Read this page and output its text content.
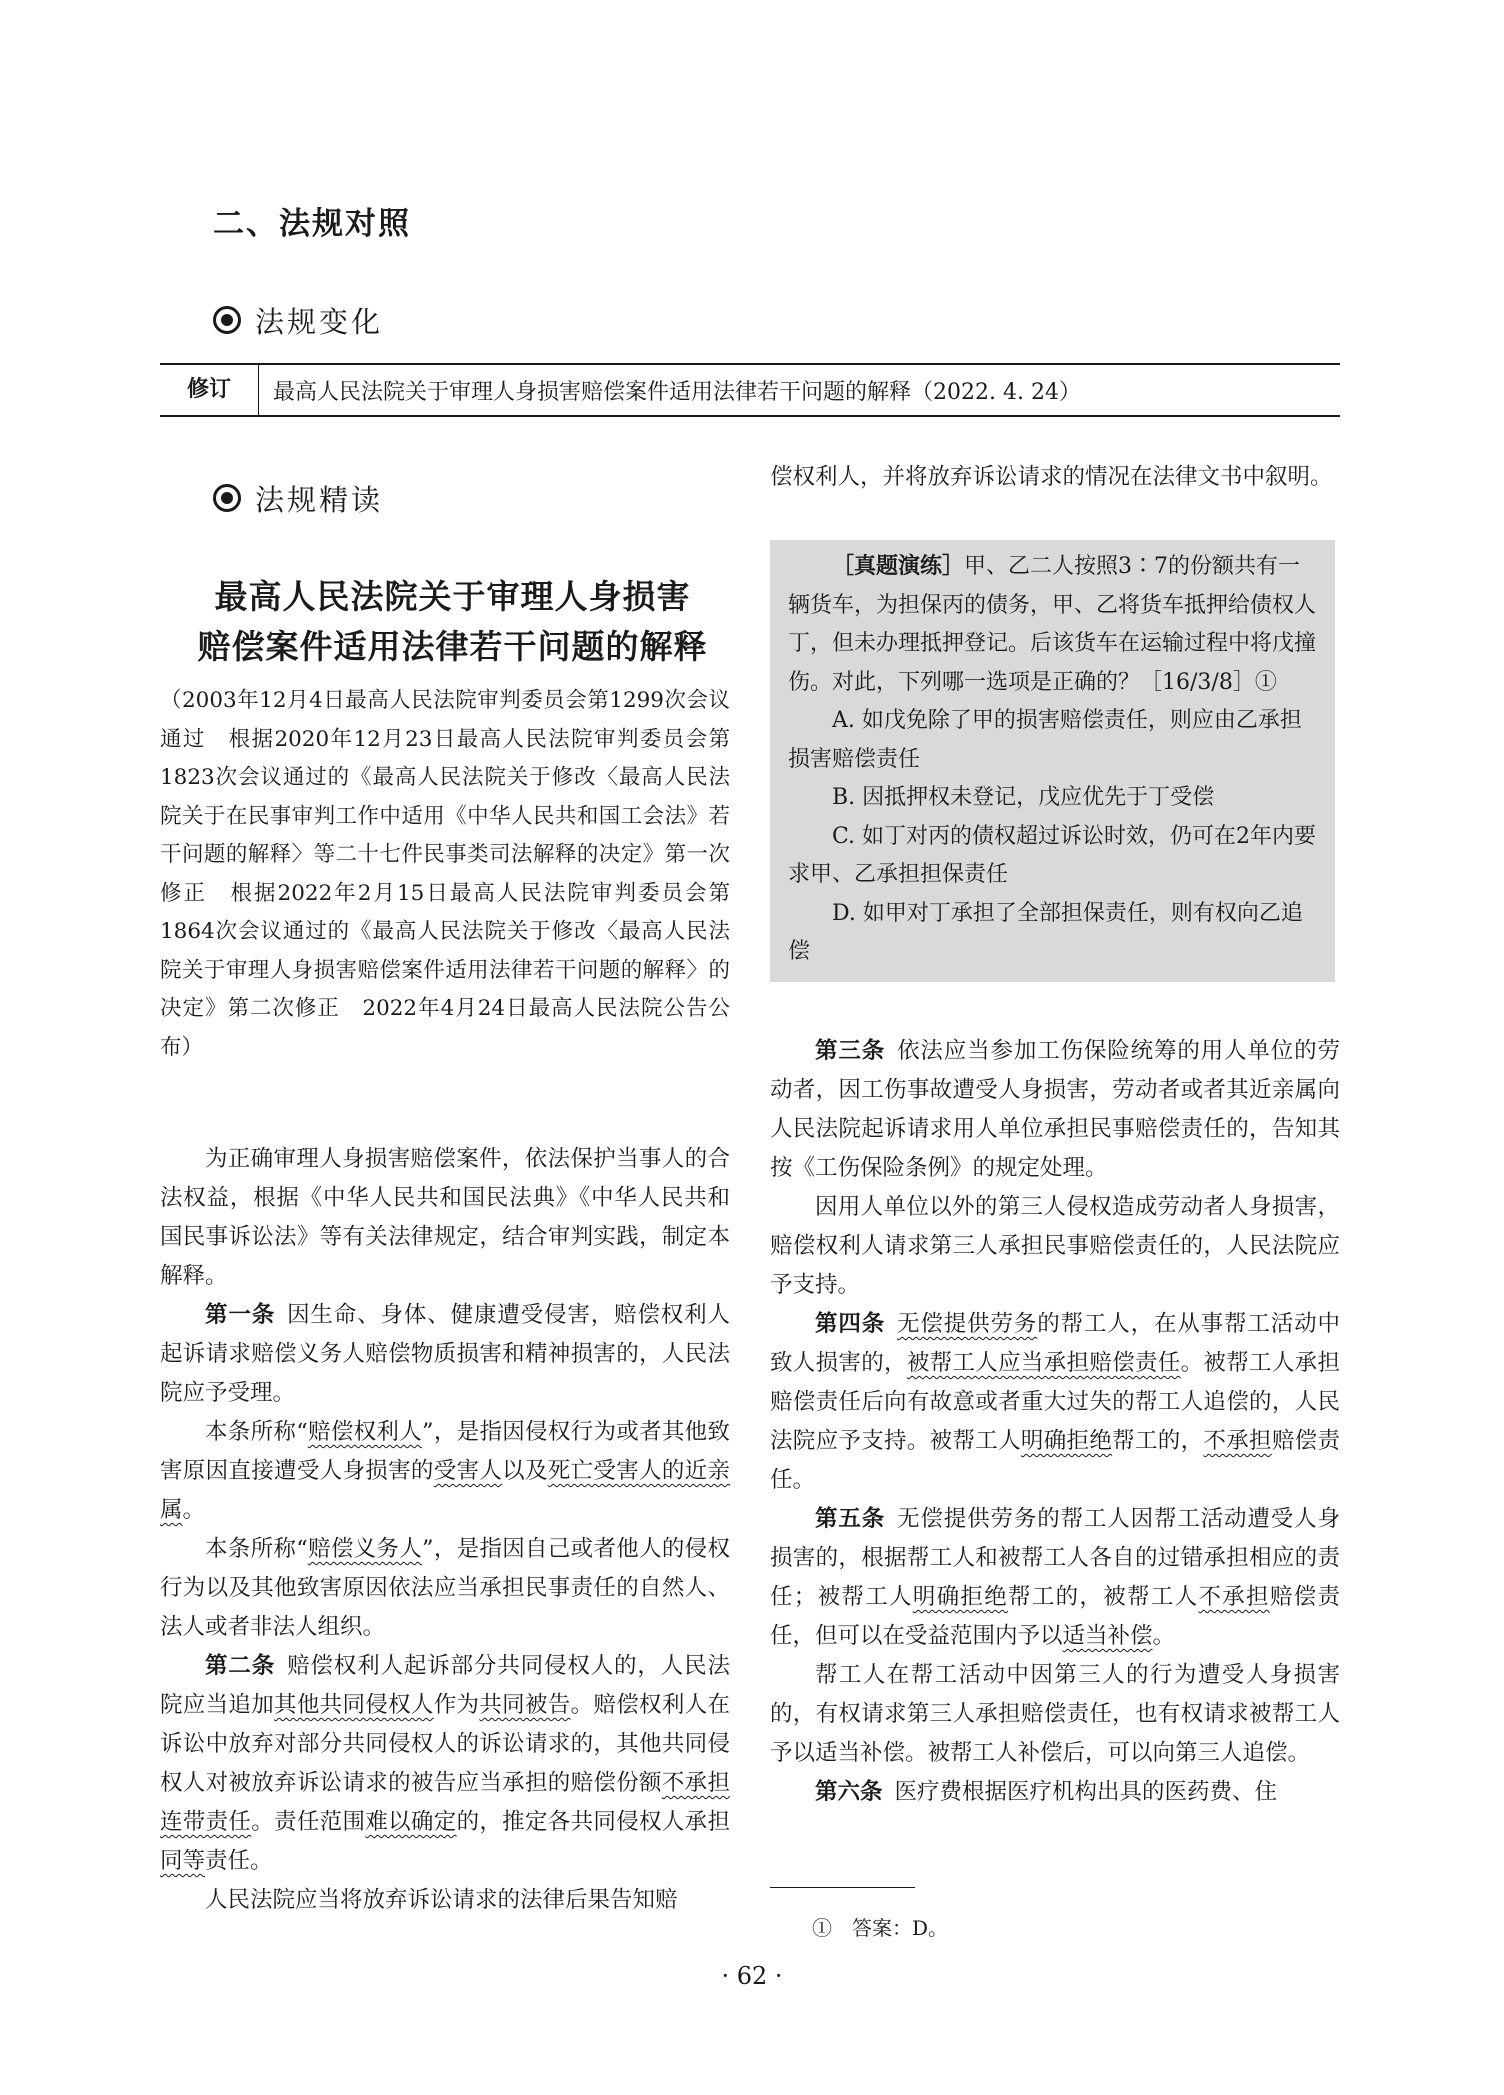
二、法规对照
法规变化
修订	最高人民法院关于审理人身损害赔偿案件适用法律若干问题的解释（2022. 4. 24）
法规精读
最高人民法院关于审理人身损害
赔偿案件适用法律若干问题的解释
（2003年12月4日最高人民法院审判委员会第1299次会议通过　根据2020年12月23日最高人民法院审判委员会第1823次会议通过的《最高人民法院关于修改〈最高人民法院关于在民事审判工作中适用《中华人民共和国工会法》若干问题的解释〉等二十七件民事类司法解释的决定》第一次修正　根据2022年2月15日最高人民法院审判委员会第1864次会议通过的《最高人民法院关于修改〈最高人民法院关于审理人身损害赔偿案件适用法律若干问题的解释〉的决定》第二次修正　2022年4月24日最高人民法院公告公布）

为正确审理人身损害赔偿案件，依法保护当事人的合法权益，根据《中华人民共和国民法典》《中华人民共和国民事诉讼法》等有关法律规定，结合审判实践，制定本解释。

第一条 因生命、身体、健康遭受侵害，赔偿权利人起诉请求赔偿义务人赔偿物质损害和精神损害的，人民法院应予受理。

本条所称“赔偿权利人”，是指因侵权行为或者其他致害原因直接遭受人身损害的受害人以及死亡受害人的近亲属。

本条所称“赔偿义务人”，是指因自己或者他人的侵权行为以及其他致害原因依法应当承担民事责任的自然人、法人或者非法人组织。

第二条 赔偿权利人起诉部分共同侵权人的，人民法院应当追加其他共同侵权人作为共同被告。赔偿权利人在诉讼中放弃对部分共同侵权人的诉讼请求的，其他共同侵权人对被放弃诉讼请求的被告应当承担的赔偿份额不承担连带责任。责任范围难以确定的，推定各共同侵权人承担同等责任。

人民法院应当将放弃诉讼请求的法律后果告知赔

偿权利人，并将放弃诉讼请求的情况在法律文书中叙明。

［真题演练］甲、乙二人按照3∶7的份额共有一辆货车，为担保丙的债务，甲、乙将货车抵押给债权人丁，但未办理抵押登记。后该货车在运输过程中将戊撞伤。对此，下列哪一选项是正确的？［16/3/8］①

A. 如戊免除了甲的损害赔偿责任，则应由乙承担损害赔偿责任

B. 因抵押权未登记，戊应优先于丁受偿

C. 如丁对丙的债权超过诉讼时效，仍可在2年内要求甲、乙承担担保责任

D. 如甲对丁承担了全部担保责任，则有权向乙追偿

第三条 依法应当参加工伤保险统筹的用人单位的劳动者，因工伤事故遭受人身损害，劳动者或者其近亲属向人民法院起诉请求用人单位承担民事赔偿责任的，告知其按《工伤保险条例》的规定处理。

因用人单位以外的第三人侵权造成劳动者人身损害，赔偿权利人请求第三人承担民事赔偿责任的，人民法院应予支持。

第四条 无偿提供劳务的帮工人，在从事帮工活动中致人损害的，被帮工人应当承担赔偿责任。被帮工人承担赔偿责任后向有故意或者重大过失的帮工人追偿的，人民法院应予支持。被帮工人明确拒绝帮工的，不承担赔偿责任。

第五条 无偿提供劳务的帮工人因帮工活动遭受人身损害的，根据帮工人和被帮工人各自的过错承担相应的责任；被帮工人明确拒绝帮工的，被帮工人不承担赔偿责任，但可以在受益范围内予以适当补偿。

帮工人在帮工活动中因第三人的行为遭受人身损害的，有权请求第三人承担赔偿责任，也有权请求被帮工人予以适当补偿。被帮工人补偿后，可以向第三人追偿。

第六条 医疗费根据医疗机构出具的医药费、住

①　答案：D。
· 62 ·
